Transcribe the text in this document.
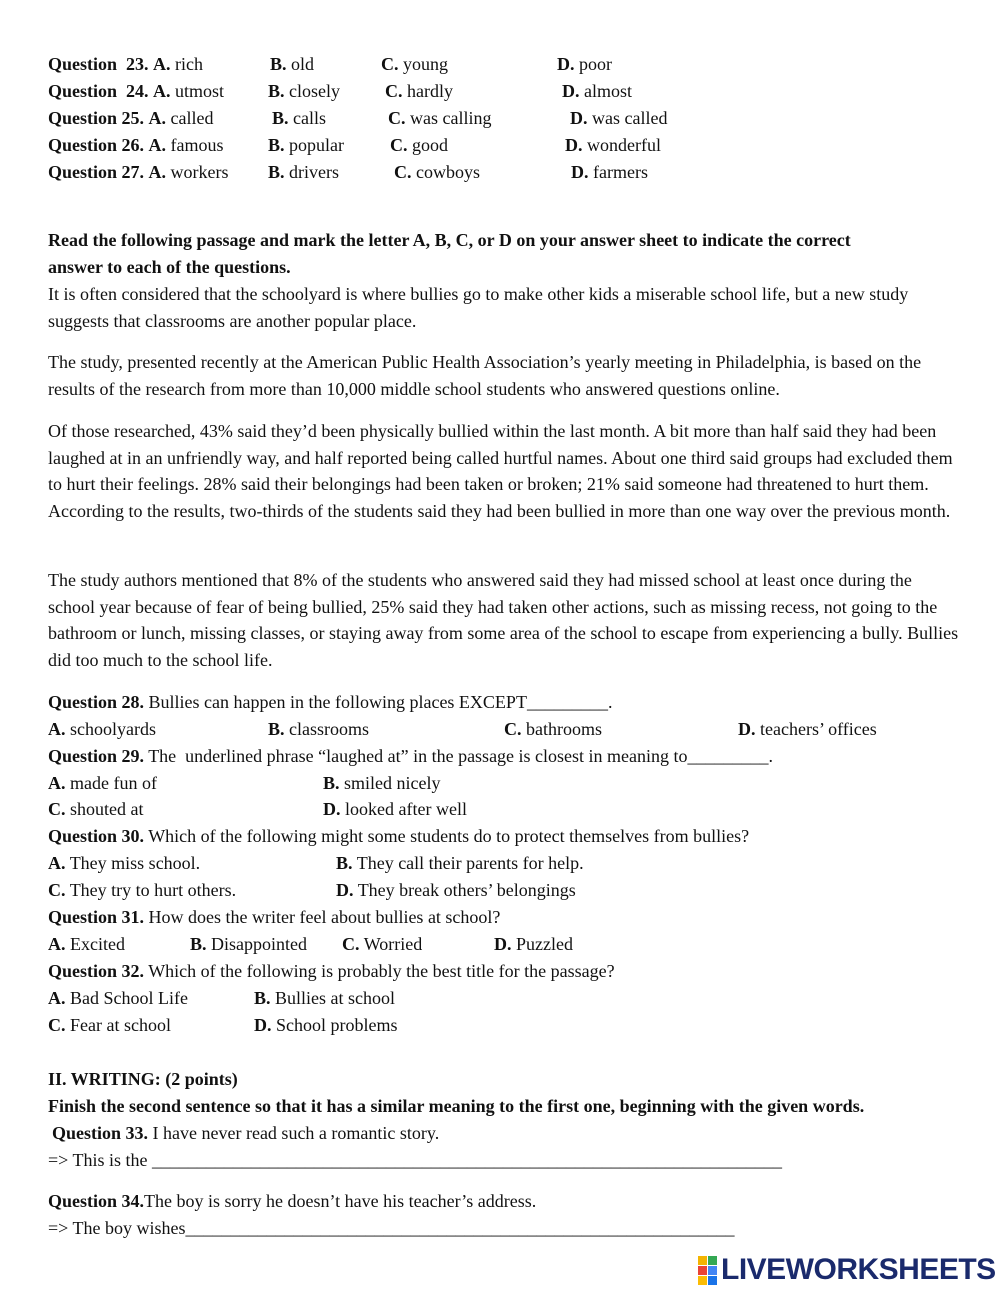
Question  23. A. rich	B. old	C. young	D. poor
Question  24. A. utmost B. closely C. hardly	D. almost
Question 25. A. called	B. calls	C. was calling	D. was called
Question 26. A. famous B. popular	C. good	D. wonderful
Question 27. A. workers B. drivers	C. cowboys	D. farmers
Read the following passage and mark the letter A, B, C, or D on your answer sheet to indicate the correct
answer to each of the questions.
It is often considered that the schoolyard is where bullies go to make other kids a miserable school life, but a new study suggests that classrooms are another popular place.
The study, presented recently at the American Public Health Association’s yearly meeting in Philadelphia, is based on the results of the research from more than 10,000 middle school students who answered questions online.
Of those researched, 43% said they’d been physically bullied within the last month. A bit more than half said they had been laughed at in an unfriendly way, and half reported being called hurtful names. About one third said groups had excluded them to hurt their feelings. 28% said their belongings had been taken or broken; 21% said someone had threatened to hurt them. According to the results, two-thirds of the students said they had been bullied in more than one way over the previous month.
The study authors mentioned that 8% of the students who answered said they had missed school at least once during the school year because of fear of being bullied, 25% said they had taken other actions, such as missing recess, not going to the bathroom or lunch, missing classes, or staying away from some area of the school to escape from experiencing a bully. Bullies did too much to the school life.
Question 28. Bullies can happen in the following places EXCEPT_________.
A. schoolyards	B. classrooms	C. bathrooms	D. teachers’ offices
Question 29. The  underlined phrase “laughed at” in the passage is closest in meaning to_________.
A. made fun of	B. smiled nicely
C. shouted at	D. looked after well
Question 30. Which of the following might some students do to protect themselves from bullies?
A. They miss school.	B. They call their parents for help.
C. They try to hurt others.	D. They break others’ belongings
Question 31. How does the writer feel about bullies at school?
A. Excited	B. Disappointed C. Worried	D. Puzzled
Question 32. Which of the following is probably the best title for the passage?
A. Bad School Life	B. Bullies at school
C. Fear at school	D. School problems
II. WRITING: (2 points)
Finish the second sentence so that it has a similar meaning to the first one, beginning with the given words.
Question 33. I have never read such a romantic story.
=> This is the ______________________________________________________________________
Question 34.The boy is sorry he doesn’t have his teacher’s address.
=> The boy wishes_____________________________________________________________
LIVEWORKSHEETS
